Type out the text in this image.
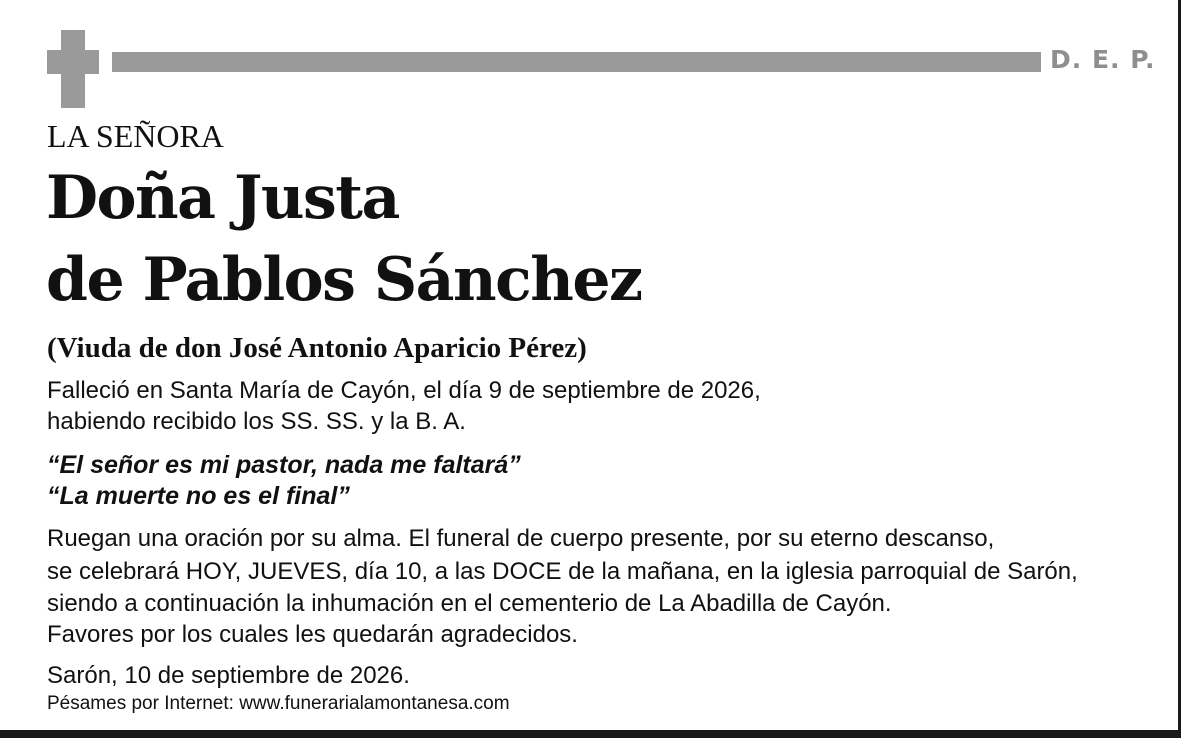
D. E. P.
LA SEÑORA
Doña Justa
de Pablos Sánchez
(Viuda de don José Antonio Aparicio Pérez)
Falleció en Santa María de Cayón, el día 9 de septiembre de 2026,
habiendo recibido los SS. SS. y la B. A.
“El señor es mi pastor, nada me faltará”
“La muerte no es el final”
Ruegan una oración por su alma. El funeral de cuerpo presente, por su eterno descanso,
se celebrará HOY, JUEVES, día 10, a las DOCE de la mañana, en la iglesia parroquial de Sarón,
siendo a continuación la inhumación en el cementerio de La Abadilla de Cayón.
Favores por los cuales les quedarán agradecidos.
Sarón, 10 de septiembre de 2026.
Pésames por Internet: www.funerarialamontanesa.com
